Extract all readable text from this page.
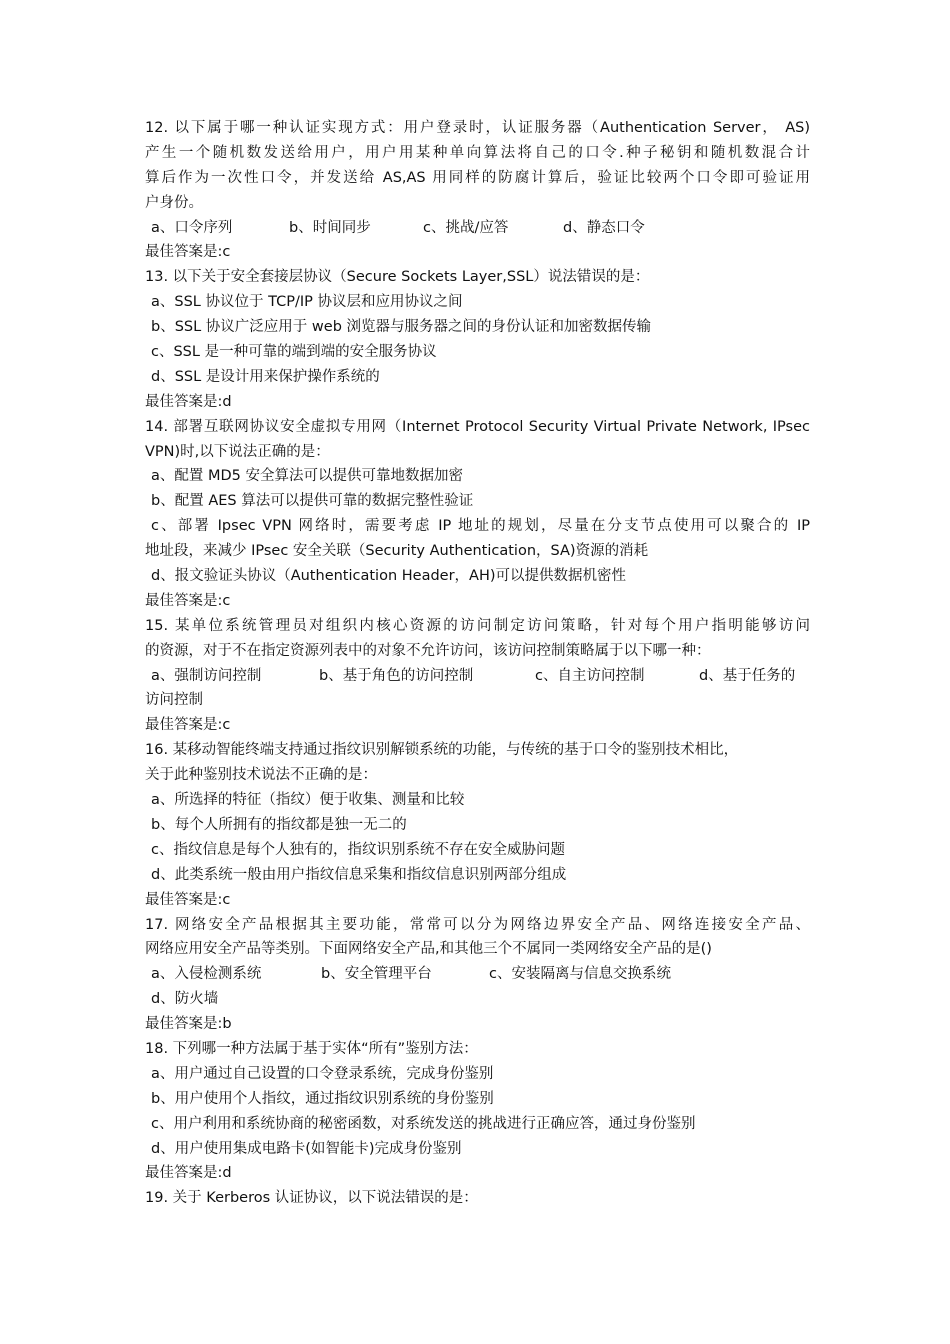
12. 以下属于哪一种认证实现方式：用户登录时，认证服务器（Authentication Server， AS)
产生一个随机数发送给用户，用户用某种单向算法将自己的口令.种子秘钥和随机数混合计
算后作为一次性口令，并发送给 AS,AS 用同样的防腐计算后，验证比较两个口令即可验证用
户身份。
a、口令序列	b、时间同步	c、挑战/应答	d、静态口令
最佳答案是:c
13. 以下关于安全套接层协议（Secure Sockets Layer,SSL）说法错误的是：
a、SSL 协议位于 TCP/IP 协议层和应用协议之间
b、SSL 协议广泛应用于 web 浏览器与服务器之间的身份认证和加密数据传输
c、SSL 是一种可靠的端到端的安全服务协议
d、SSL 是设计用来保护操作系统的
最佳答案是:d
14. 部署互联网协议安全虚拟专用网（Internet Protocol Security Virtual Private Network, IPsec
VPN)时,以下说法正确的是：
a、配置 MD5 安全算法可以提供可靠地数据加密
b、配置 AES 算法可以提供可靠的数据完整性验证
c、部署 Ipsec VPN 网络时，需要考虑 IP 地址的规划，尽量在分支节点使用可以聚合的 IP
地址段，来减少 IPsec 安全关联（Security Authentication，SA)资源的消耗
d、报文验证头协议（Authentication Header，AH)可以提供数据机密性
最佳答案是:c
15. 某单位系统管理员对组织内核心资源的访问制定访问策略，针对每个用户指明能够访问
的资源，对于不在指定资源列表中的对象不允许访问，该访问控制策略属于以下哪一种：
a、强制访问控制	b、基于角色的访问控制	c、自主访问控制	d、基于任务的
访问控制
最佳答案是:c
16. 某移动智能终端支持通过指纹识别解锁系统的功能，与传统的基于口令的鉴别技术相比，
关于此种鉴别技术说法不正确的是：
a、所选择的特征（指纹）便于收集、测量和比较
b、每个人所拥有的指纹都是独一无二的
c、指纹信息是每个人独有的，指纹识别系统不存在安全威胁问题
d、此类系统一般由用户指纹信息采集和指纹信息识别两部分组成
最佳答案是:c
17. 网络安全产品根据其主要功能，常常可以分为网络边界安全产品、网络连接安全产品、
网络应用安全产品等类别。下面网络安全产品,和其他三个不属同一类网络安全产品的是()
a、入侵检测系统	b、安全管理平台	c、安装隔离与信息交换系统
d、防火墙
最佳答案是:b
18. 下列哪一种方法属于基于实体“所有”鉴别方法：
a、用户通过自己设置的口令登录系统，完成身份鉴别
b、用户使用个人指纹，通过指纹识别系统的身份鉴别
c、用户利用和系统协商的秘密函数，对系统发送的挑战进行正确应答，通过身份鉴别
d、用户使用集成电路卡(如智能卡)完成身份鉴别
最佳答案是:d
19. 关于 Kerberos 认证协议，以下说法错误的是：
